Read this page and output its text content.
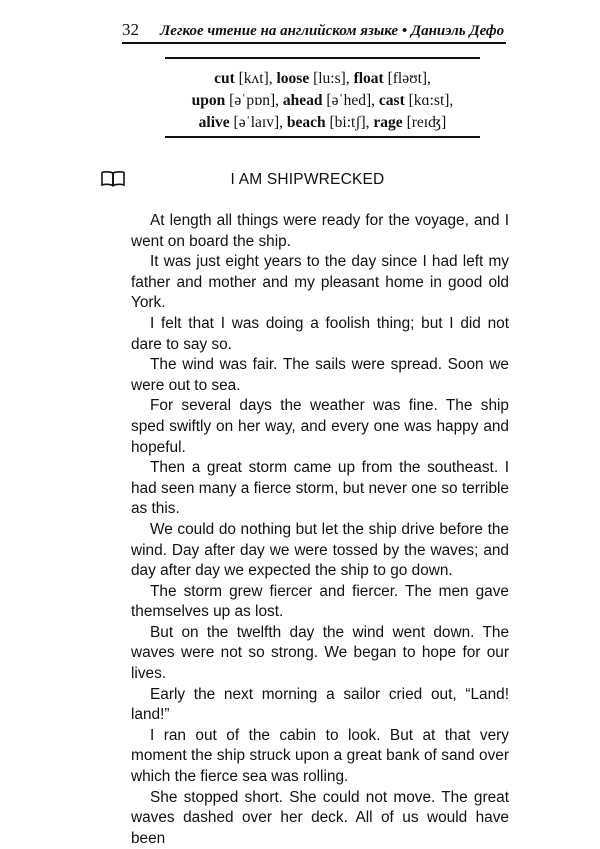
32	Легкое чтение на английском языке • Даниэль Дефо
cut [kʌt], loose [lu:s], float [fləʊt],
upon [əˈpɒn], ahead [əˈhed], cast [kɑ:st],
alive [əˈlaɪv], beach [bi:tʃ], rage [reɪʤ]
I AM SHIPWRECKED

At length all things were ready for the voyage, and I went on board the ship.

It was just eight years to the day since I had left my father and mother and my pleasant home in good old York.

I felt that I was doing a foolish thing; but I did not dare to say so.

The wind was fair. The sails were spread. Soon we were out to sea.

For several days the weather was fine. The ship sped swiftly on her way, and every one was happy and hopeful.

Then a great storm came up from the southeast. I had seen many a fierce storm, but never one so terrible as this.

We could do nothing but let the ship drive before the wind. Day after day we were tossed by the waves; and day after day we expected the ship to go down.

The storm grew fiercer and fiercer. The men gave themselves up as lost.

But on the twelfth day the wind went down. The waves were not so strong. We began to hope for our lives.

Early the next morning a sailor cried out, “Land! land!”

I ran out of the cabin to look. But at that very moment the ship struck upon a great bank of sand over which the fierce sea was rolling.

She stopped short. She could not move. The great waves dashed over her deck. All of us would have been
